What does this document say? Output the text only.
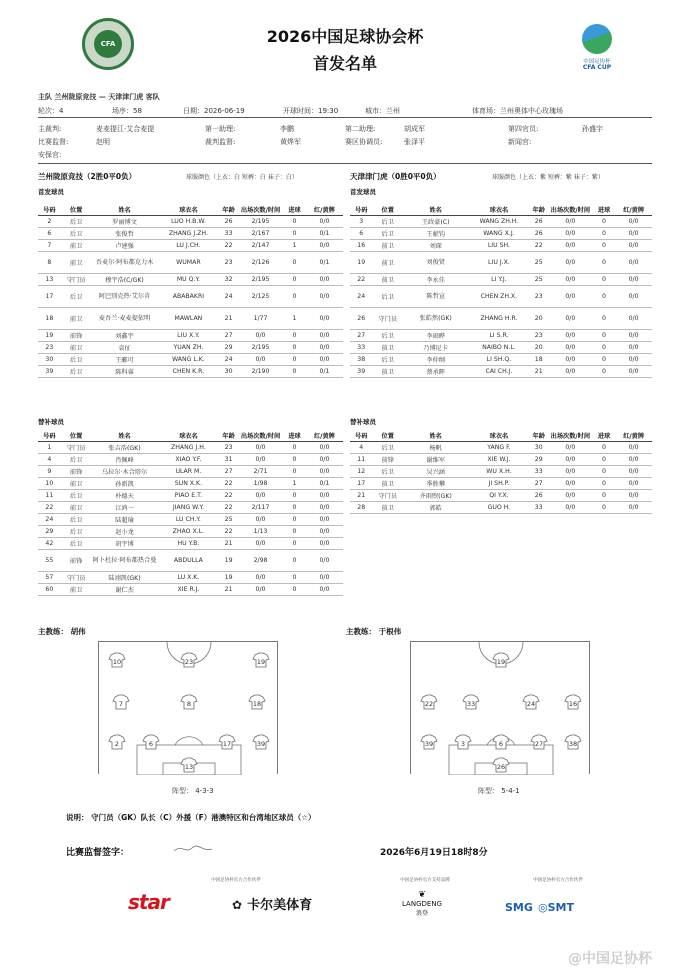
CFA	2026中国足球协会杯
首发名单	中国足协杯
CFA CUP
主队 兰州陇原竞技 — 天津津门虎 客队
轮次：4	场序：58	日期：2026-06-19	开球时间：19:30	城市：兰州	体育场：兰州奥体中心玫瑰场
主裁判:	麦麦提江·艾合麦提	第一助理:	李鹏	第二助理:	胡成军	第四官员:	孙盛宇
比赛监督:	赵明	裁判监督:	黄烨军	赛区协调员:	张泽平	新闻官:
安保官:
兰州陇原竞技（2胜0平0负）	球服颜色（上衣：白 短裤：白 袜子：白）
首发球员
天津津门虎（0胜0平0负）	球服颜色（上衣：紫 短裤：紫 袜子：紫）
首发球员
号码	位置	姓名	球衣名	年龄	出场次数/时间	进球	红/黄牌
2	后卫	罗丽博文	LUO H.B.W.	26	2/195	0	0/0
6	后卫	张俊哲	ZHANG J.ZH.	33	2/167	0	0/1
7	前卫	卢建强	LU J.CH.	22	2/147	1	0/0
8	前卫	吾麦尔·阿布都克力木	WUMAR	23	2/126	0	0/1
13	守门员	穆宇浩(C/GK)	MU Q.Y.	32	2/195	0	0/0
17	后卫	阿巴别克热·艾尔肯	ABABAKRI	24	2/125	0	0/0
18	前卫	麦吾兰·麦麦提依明	MAWLAN	21	1/77	1	0/0
19	前锋	刘鑫宇	LIU X.Y.	27	0/0	0	0/0
23	前卫	袁征	YUAN ZH.	29	2/195	0	0/0
30	后卫	王郦可	WANG L.K.	24	0/0	0	0/0
39	后卫	陈科睿	CHEN K.R.	30	2/190	0	0/1
号码	位置	姓名	球衣名	年龄	出场次数/时间	进球	红/黄牌
3	后卫	王政豪(C)	WANG ZH.H.	26	0/0	0	0/0
6	后卫	王献钧	WANG X.J.	26	0/0	0	0/0
16	前卫	刘琛	LIU SH.	22	0/0	0	0/0
19	前卫	刘俊贤	LIU J.X.	25	0/0	0	0/0
22	前卫	李永佳	LI Y.J.	25	0/0	0	0/0
24	后卫	陈哲宣	CHEN ZH.X.	23	0/0	0	0/0
26	守门员	张皓然(GK)	ZHANG H.R.	20	0/0	0	0/0
27	后卫	李闹晔	LI S.R.	23	0/0	0	0/0
33	前卫	乃博尼卡	NAIBO N.L.	20	0/0	0	0/0
38	后卫	李仲纲	LI SH.Q.	18	0/0	0	0/0
39	前卫	蔡承晖	CAI CH.J.	21	0/0	0	0/0
替补球员	替补球员
号码	位置	姓名	球衣名	年龄	出场次数/时间	进球	红/黄牌
1	守门员	张吉浩(GK)	ZHANG J.H.	23	0/0	0	0/0
4	后卫	肖佩峰	XIAO Y.F.	31	0/0	0	0/0
9	前锋	乌拉尔·木合塔尔	ULAR M.	27	2/71	0	0/0
10	前卫	孙新凯	SUN X.K.	22	1/98	1	0/1
11	后卫	朴德天	PIAO E.T.	22	0/0	0	0/0
22	前卫	江鸿一	JIANG W.Y.	22	2/117	0	0/0
24	后卫	陆超瑜	LU CH.Y.	25	0/0	0	0/0
29	后卫	赵小龙	ZHAO X.L.	22	1/13	0	0/0
42	后卫	胡宇博	HU Y.B.	21	0/0	0	0/0
55	前锋	阿卜杜拉·阿布都热合曼	ABDULLA	19	2/98	0	0/0
57	守门员	陆翊凯(GK)	LU X.K.	19	0/0	0	0/0
60	前卫	谢仁杰	XIE R.J.	21	0/0	0	0/0
号码	位置	姓名	球衣名	年龄	出场次数/时间	进球	红/黄牌
4	后卫	杨帆	YANG F.	30	0/0	0	0/0
11	前锋	谢维军	XIE W.J.	29	0/0	0	0/0
12	后卫	吴兴涵	WU X.H.	33	0/0	0	0/0
17	前卫	季胜攀	JI SH.P.	27	0/0	0	0/0
21	守门员	齐雨煦(GK)	QI Y.X.	26	0/0	0	0/0
28	前卫	郭皓	GUO H.	33	0/0	0	0/0
主教练： 胡伟	主教练： 于根伟
10	23	19
7	8	18
2	6	17	39
13
19
22	33	24	16
39	3	6	27	38
26
阵型： 4-3-3	阵型： 5-4-1
说明： 守门员（GK）队长（C）外援（F）港澳特区和台湾地区球员（☆）
比赛监督签字：	2026年6月19日18时8分
中国足协杯官方合作伙伴	中国足协杯官方支持品牌	中国足协杯官方合作伙伴
star	✿ 卡尔美体育
❦
LANGDENG
浪登	SMG ◎SMT
@中国足协杯
